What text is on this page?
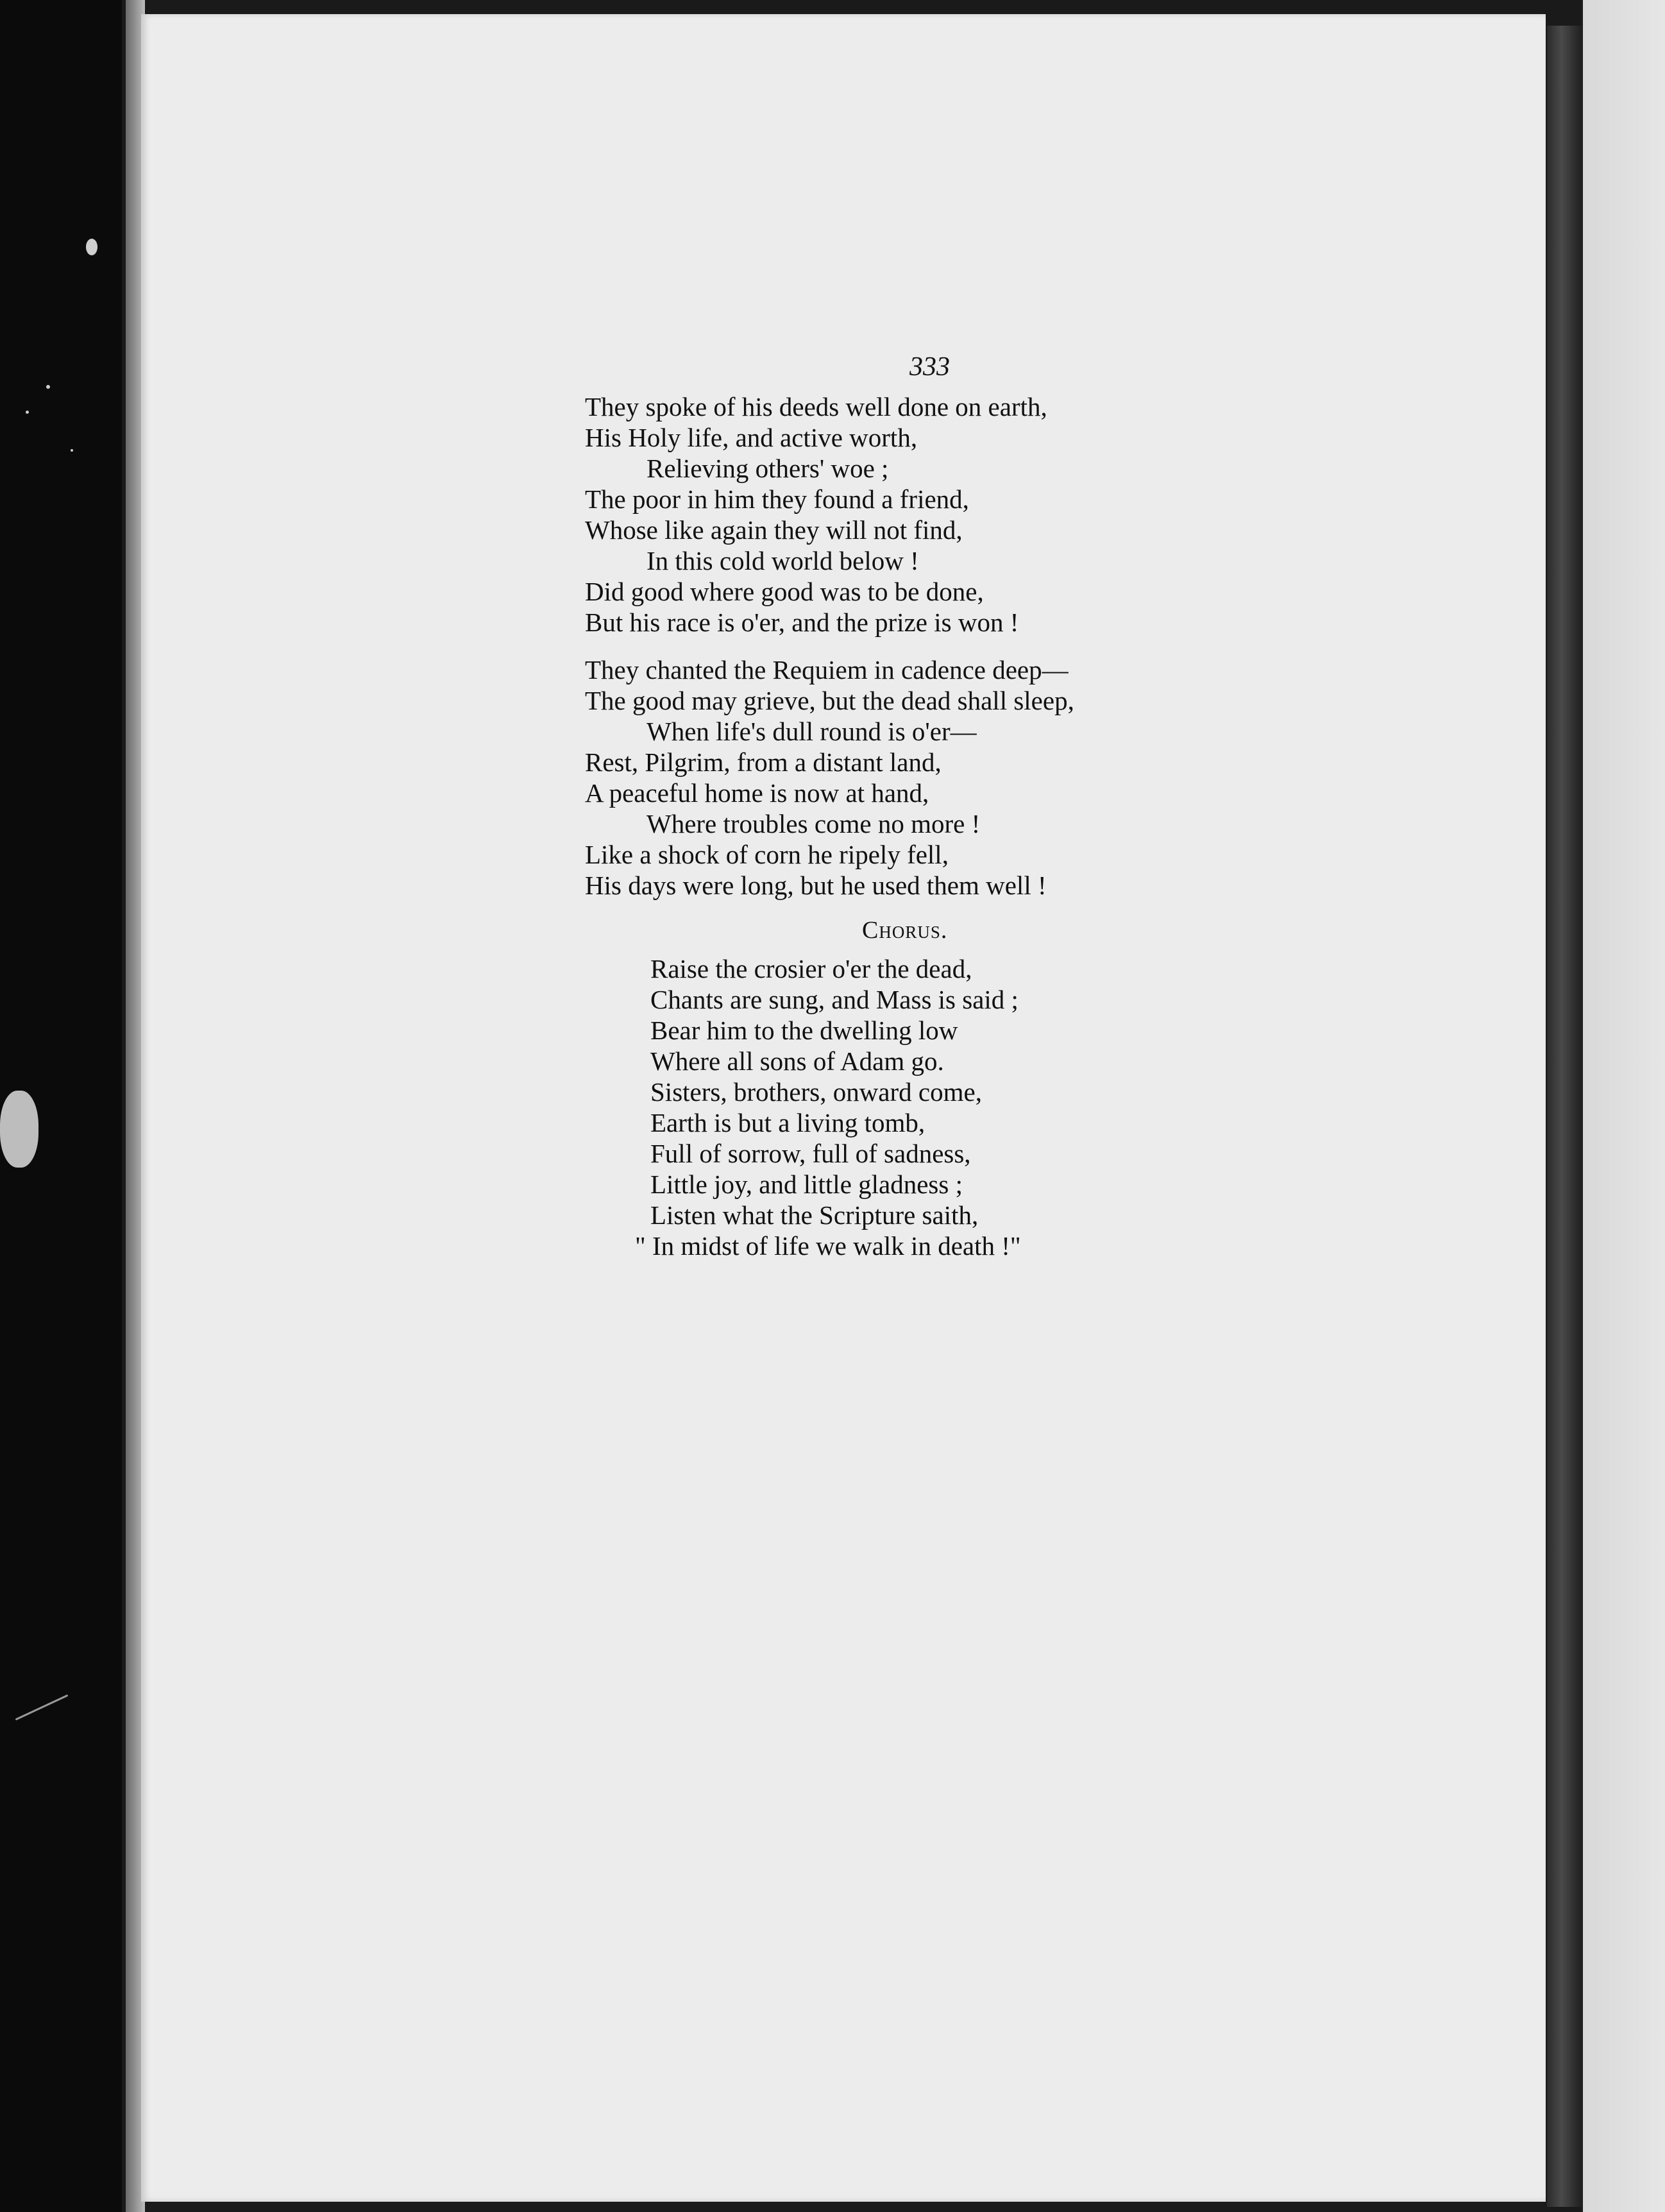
333
They spoke of his deeds well done on earth,
His Holy life, and active worth,
Relieving others' woe ;
The poor in him they found a friend,
Whose like again they will not find,
In this cold world below !
Did good where good was to be done,
But his race is o'er, and the prize is won !
They chanted the Requiem in cadence deep—
The good may grieve, but the dead shall sleep,
When life's dull round is o'er—
Rest, Pilgrim, from a distant land,
A peaceful home is now at hand,
Where troubles come no more !
Like a shock of corn he ripely fell,
His days were long, but he used them well !
Chorus.
Raise the crosier o'er the dead,
Chants are sung, and Mass is said ;
Bear him to the dwelling low
Where all sons of Adam go.
Sisters, brothers, onward come,
Earth is but a living tomb,
Full of sorrow, full of sadness,
Little joy, and little gladness ;
Listen what the Scripture saith,
" In midst of life we walk in death !"
